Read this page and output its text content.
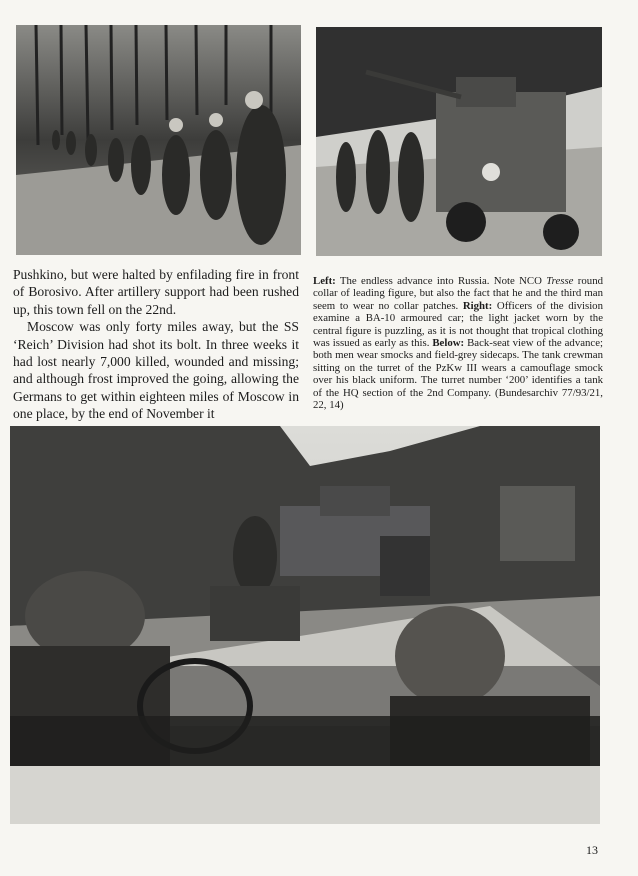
Pushkino, but were halted by enfilading fire in front of Borosivo. After artillery support had been rushed up, this town fell on the 22nd.

Moscow was only forty miles away, but the SS ‘Reich’ Division had shot its bolt. In three weeks it had lost nearly 7,000 killed, wounded and missing; and although frost improved the going, allowing the Germans to get within eighteen miles of Moscow in one place, by the end of November it

Left: The endless advance into Russia. Note NCO Tresse round collar of leading figure, but also the fact that he and the third man seem to wear no collar patches. Right: Officers of the division examine a BA-10 armoured car; the light jacket worn by the central figure is puzzling, as it is not thought that tropical clothing was issued as early as this. Below: Back-seat view of the advance; both men wear smocks and field-grey sidecaps. The tank crewman sitting on the turret of the PzKw III wears a camouflage smock over his black uniform. The turret number ‘200’ identifies a tank of the HQ section of the 2nd Company. (Bundesarchiv 77/93/21, 22, 14)

13
